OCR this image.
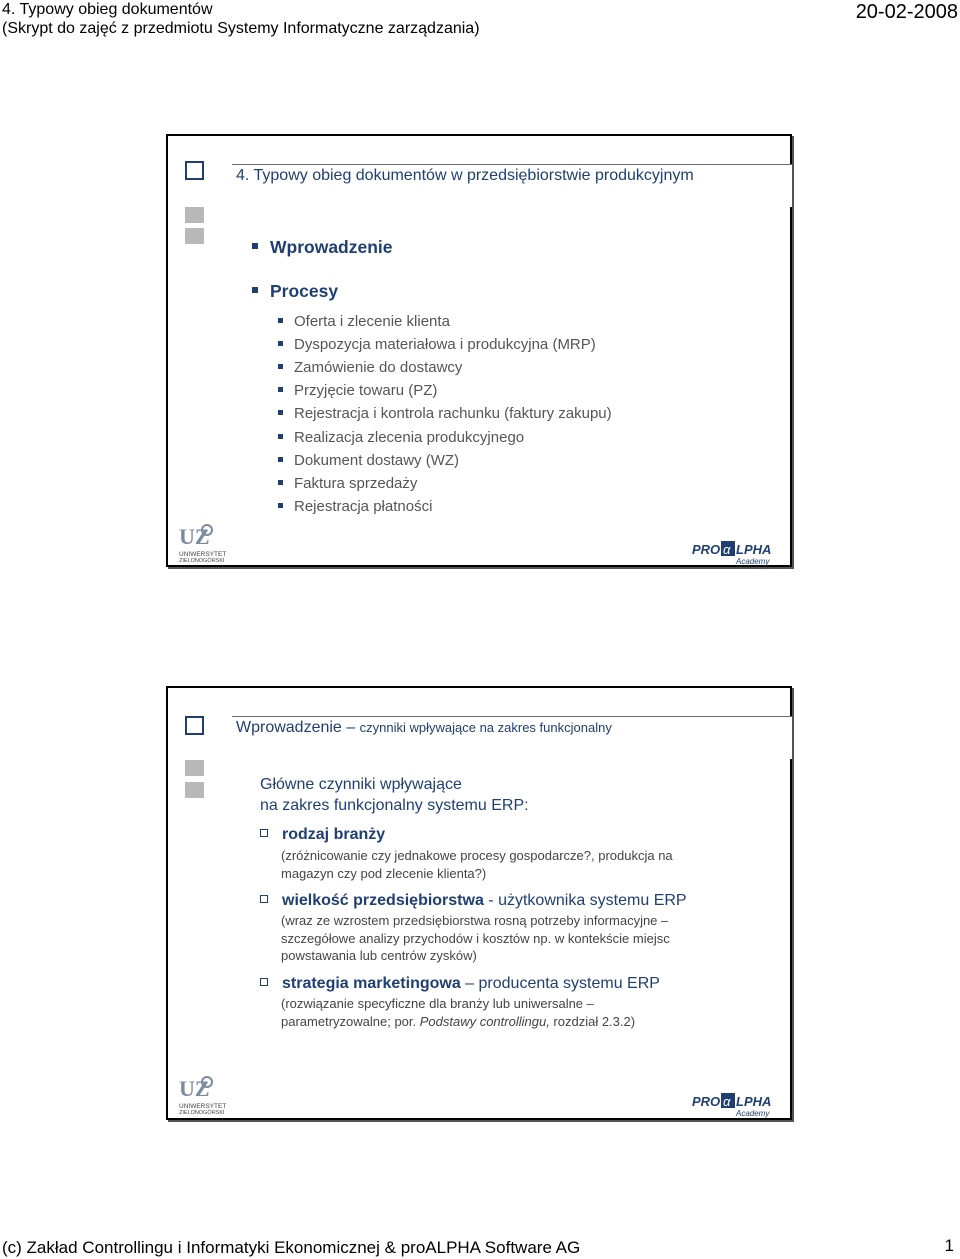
4. Typowy obieg dokumentów
(Skrypt do zajęć z przedmiotu Systemy Informatyczne zarządzania)
20-02-2008
4. Typowy obieg dokumentów w przedsiębiorstwie produkcyjnym
Wprowadzenie
Procesy
Oferta i zlecenie klienta
Dyspozycja materiałowa i produkcyjna (MRP)
Zamówienie do dostawcy
Przyjęcie towaru (PZ)
Rejestracja i kontrola rachunku (faktury zakupu)
Realizacja zlecenia produkcyjnego
Dokument dostawy (WZ)
Faktura sprzedaży
Rejestracja płatności
UZ
UNIWERSYTET
ZIELONOGÓRSKI
PRO α LPHA
Academy
Wprowadzenie – czynniki wpływające na zakres funkcjonalny
Główne czynniki wpływające
na zakres funkcjonalny systemu ERP:
rodzaj branży
(zróżnicowanie czy jednakowe procesy gospodarcze?, produkcja na
magazyn czy pod zlecenie klienta?)
wielkość przedsiębiorstwa - użytkownika systemu ERP
(wraz ze wzrostem przedsiębiorstwa rosną potrzeby informacyjne –
szczegółowe analizy przychodów i kosztów np. w kontekście miejsc
powstawania lub centrów zysków)
strategia marketingowa – producenta systemu ERP
(rozwiązanie specyficzne dla branży lub uniwersalne –
parametryzowalne; por. Podstawy controllingu, rozdział 2.3.2)
UZ
UNIWERSYTET
ZIELONOGÓRSKI
PRO α LPHA
Academy
(c) Zakład Controllingu i Informatyki Ekonomicznej & proALPHA Software AG	1
